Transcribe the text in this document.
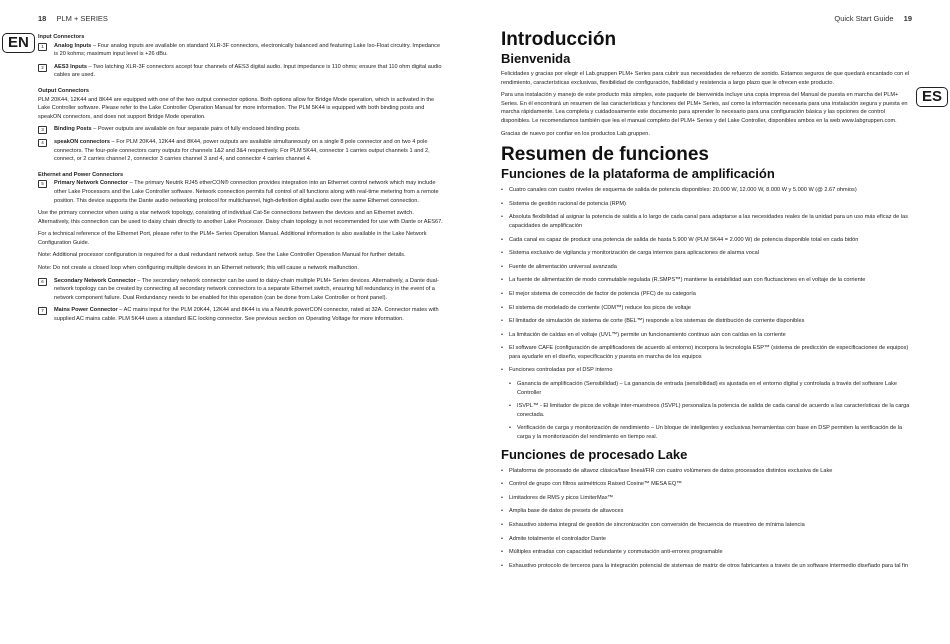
18 PLM + SERIES
EN	Input Connectors

1	Analog Inputs – Four analog inputs are available on standard XLR-3F connectors, electronically balanced and featuring Lake Iso-Float circuitry. Impedance is 20 kohms; maximum input level is +26 dBu.
2	AES3 Inputs – Two latching XLR-3F connectors accept four channels of AES3 digital audio. Input impedance is 110 ohms; ensure that 110 ohm digital audio cables are used.

Output Connectors

PLM 20K44, 12K44 and 8K44 are equipped with one of the two output connector options. Both options allow for Bridge Mode operation, which is activated in the Lake Controller software. Please refer to the Lake Controller Operation Manual for more information. The PLM 5K44 is equipped with both binding posts and speakON connectors, and does not support Bridge Mode operation.

3	Binding Posts – Power outputs are available on four separate pairs of fully enclosed binding posts.
4	speakON connectors – For PLM 20K44, 12K44 and 8K44, power outputs are available simultaneously on a single 8 pole connector and on two 4 pole connectors. The four-pole connectors carry outputs for channels 1&2 and 3&4 respectively. For PLM 5K44, connector 1 carries output channels 1 and 2, connect, or 2 carries channel 2, connector 3 carries channel 3 and 4, and connector 4 carries channel 4.

Ethernet and Power Connectors

5	Primary Network Connector – The primary Neutrik RJ45 etherCON® connection provides integration into an Ethernet control network which may include other Lake Processors and the Lake Controller software. Network connection permits full control of all functions along with real-time metering from a remote position. This device supports the Dante audio networking protocol for multichannel, high-definition digital audio over the same Ethernet connection.

Use the primary connector when using a star network topology, consisting of individual Cat-5e connections between the devices and an Ethernet switch. Alternatively, this connection can be used to daisy chain directly to another Lake Processor. Daisy chain topology is not recommended for use with Dante or AES67.

For a technical reference of the Ethernet Port, please refer to the PLM+ Series Operation Manual. Additional information is also available in the Lake Network Configuration Guide.

Note: Additional processor configuration is required for a dual redundant network setup. See the Lake Controller Operation Manual for further details.

Note: Do not create a closed loop when configuring multiple devices in an Ethernet network; this will cause a network malfunction.

6	Secondary Network Connector – The secondary network connector can be used to daisy-chain multiple PLM+ Series devices. Alternatively, a Dante dual-network topology can be created by connecting all secondary network connectors to a separate Ethernet switch, ensuring full redundancy in the event of a network component failure. Dual Redundancy needs to be enabled for this operation (can be done from Lake Controller or front panel).
7	Mains Power Connector – AC mains input for the PLM 20K44, 12K44 and 8K44 is via a Neutrik powerCON connector, rated at 32A. Connector mates with supplied AC mains cable. PLM 5K44 uses a standard IEC locking connector. See previous section on Operating Voltage for more information.
Quick Start Guide 19
ES

Introducción

Bienvenida

Felicidades y gracias por elegir el Lab.gruppen PLM+ Series para cubrir sus necesidades de refuerzo de sonido. Estamos seguros de que quedará encantado con el rendimiento, características exclusivas, flexibilidad de configuración, fiabilidad y resistencia a largo plazo que le ofrecen este producto.

Para una instalación y manejo de este producto más simples, este paquete de bienvenida incluye una copia impresa del Manual de puesta en marcha del PLM+ Series. En él encontrará un resumen de las características y funciones del PLM+ Series, así como la información necesaria para una instalación segura y puesta en marcha rápidamente. Lea completa y cuidadosamente este documento para aprender lo necesario para una configuración básica y las opciones de control disponibles. Le recomendamos también que lea el manual completo del PLM+ Series y del Lake Controller, disponibles ambos en la web www.labgruppen.com.

Gracias de nuevo por confiar en los productos Lab.gruppen.

Resumen de funciones

Funciones de la plataforma de amplificación

• Cuatro canales con cuatro niveles de esquema de salida de potencia disponibles: 20.000 W, 12.000 W, 8.000 W y 5.000 W (@ 2.67 ohmios)
• Sistema de gestión racional de potencia (RPM)
• Absoluta flexibilidad al asignar la potencia de salida a lo largo de cada canal para adaptarse a las necesidades reales de la unidad para un uso más eficaz de las capacidades de amplificación
• Cada canal es capaz de producir una potencia de salida de hasta 5.900 W (PLM 5K44 = 2.000 W) de potencia disponible total en cada bidón
• Sistema exclusivo de vigilancia y monitorización de carga internos para aplicaciones de alarma vocal
• Fuente de alimentación universal avanzada
• La fuente de alimentación de modo conmutable regulada (R.SMPS™) mantiene la estabilidad aun con fluctuaciones en el voltaje de la corriente
• El mejor sistema de corrección de factor de potencia (PFC) de su categoría
• El sistema de modelado de corriente (CDM™) reduce los picos de voltaje
• El limitador de simulación de sistema de corte (BEL™) responde a los sistemas de distribución de corriente disponibles
• La limitación de caídas en el voltaje (UVL™) permite un funcionamiento continuo aún con caídas en la corriente
• El software CAFE (configuración de amplificadores de acuerdo al entorno) incorpora la tecnología ESP™ (sistema de predicción de especificaciones de equipos) para ayudarle en el diseño, especificación y puesta en marcha de los equipos
• Funciones controladas por el DSP interno
• Ganancia de amplificación (Sensibilidad) – La ganancia de entrada (sensibilidad) es ajustada en el entorno digital y controlada a través del software Lake Controller
• ISVPL™ - El limitador de picos de voltaje inter-muestreos (ISVPL) personaliza la potencia de salida de cada canal de acuerdo a las características de la carga conectada.
• Verificación de carga y monitorización de rendimiento – Un bloque de inteligentes y exclusivas herramientas con base en DSP permiten la verificación de la carga y la monitorización del rendimiento en tiempo real.

Funciones de procesado Lake

• Plataforma de procesado de altavoz clásica/fase lineal/FIR con cuatro volúmenes de datos procesados distintos exclusiva de Lake
• Control de grupo con filtros asimétricos Raised Cosine™ MESA EQ™
• Limitadores de RMS y picos LimiterMax™
• Amplia base de datos de presets de altavoces
• Exhaustivo sistema integral de gestión de sincronización con conversión de frecuencia de muestreo de mínima latencia
• Admite totalmente el controlador Dante
• Múltiples entradas con capacidad redundante y conmutación anti-errores programable
• Exhaustivo protocolo de terceros para la integración potencial de sistemas de matriz de otros fabricantes a través de un software intermedio diseñado para tal fin
